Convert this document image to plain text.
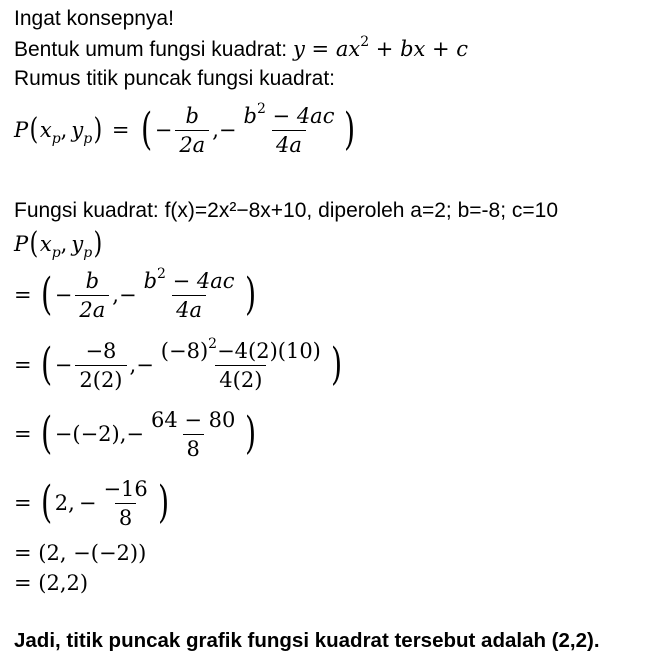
Ingat konsepnya!
Bentuk umum fungsi kuadrat: $y = ax^2$ + bx + c
Rumus titik puncak fungsi kuadrat:
P ( $x_p$ , $y_p$ ) = ( − $\frac{b}{2a}$ , − $\frac{b^2 - 4ac}{4a}$ )
Fungsi kuadrat: f(x)=2x²−8x+10, diperoleh a=2; b=-8; c=10
P ( $x_p$ , $y_p$ )
= ( − $\frac{b}{2a}$ , − $\frac{b^2 - 4ac}{4a}$ )
= ( − $\frac{-8}{2(2)}$ , − $\frac{(-8)^2-4(2)(10)}{4(2)}$ )
= ( −(−2), − $\frac{64 - 80}{8}$ )
= ( 2, − $\frac{-16}{8}$ )
= (2, −(−2))
= (2,2)
Jadi, titik puncak grafik fungsi kuadrat tersebut adalah (2,2).
